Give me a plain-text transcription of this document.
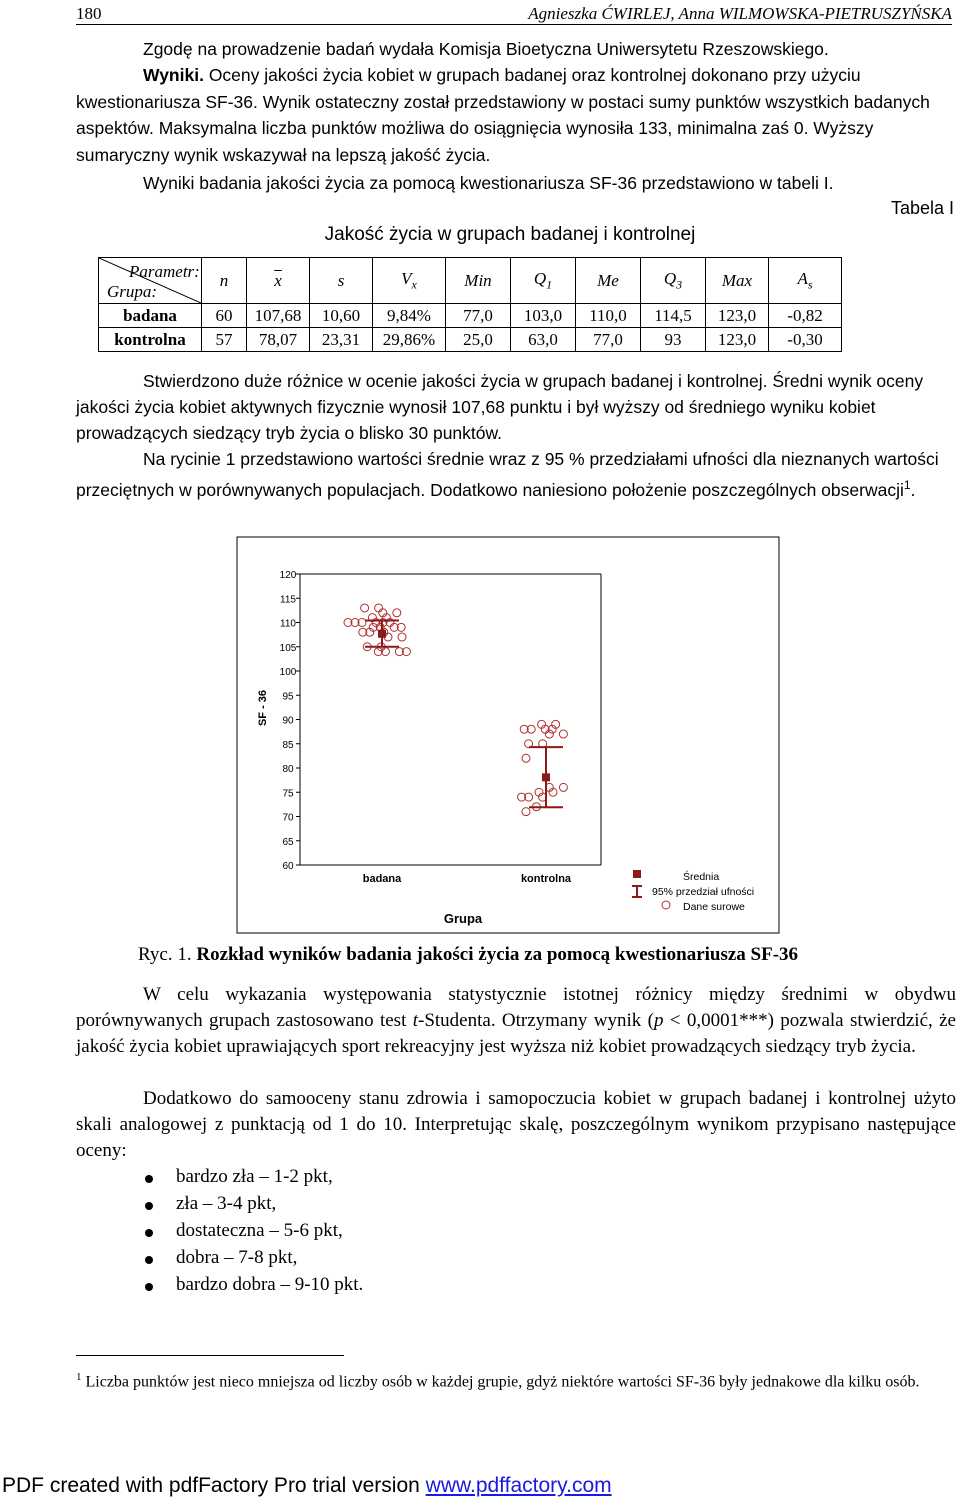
180	Agnieszka ĆWIRLEJ, Anna WILMOWSKA-PIETRUSZYŃSKA

Zgodę na prowadzenie badań wydała Komisja Bioetyczna Uniwersytetu Rzeszowskiego.

Wyniki. Oceny jakości życia kobiet w grupach badanej oraz kontrolnej dokonano przy użyciu kwestionariusza SF-36. Wynik ostateczny został przedstawiony w postaci sumy punktów wszystkich badanych aspektów. Maksymalna liczba punktów możliwa do osiągnięcia wynosiła 133, minimalna zaś 0. Wyższy sumaryczny wynik wskazywał na lepszą jakość życia.

Wyniki badania jakości życia za pomocą kwestionariusza SF-36 przedstawiono w tabeli I.

Tabela I
Jakość życia w grupach badanej i kontrolnej
Parametr:
Grupa:	n	$\overline{x}$	s	$V_x$	Min	$Q_1$	Me	$Q_3$	Max	$A_s$
badana	60	107,68	10,60	9,84%	77,0	103,0	110,0	114,5	123,0	-0,82
kontrolna	57	78,07	23,31	29,86%	25,0	63,0	77,0	93	123,0	-0,30

Stwierdzono duże różnice w ocenie jakości życia w grupach badanej i kontrolnej. Średni wynik oceny jakości życia kobiet aktywnych fizycznie wynosił 107,68 punktu i był wyższy od średniego wyniku kobiet prowadzących siedzący tryb życia o blisko 30 punktów.

Na rycinie 1 przedstawiono wartości średnie wraz z 95 % przedziałami ufności dla nieznanych wartości przeciętnych w porównywanych populacjach. Dodatkowo naniesiono położenie poszczególnych obserwacji$^1$.

120
115
110
105
100
95
90
85
80
75
70
65
60
SF - 36
badana	kontrolna
Grupa
Średnia
95% przedział ufności
Dane surowe
Ryc. 1. Rozkład wyników badania jakości życia za pomocą kwestionariusza SF-36

W celu wykazania występowania statystycznie istotnej różnicy między średnimi w obydwu porównywanych grupach zastosowano test t-Studenta. Otrzymany wynik (p < 0,0001***) pozwala stwierdzić, że jakość życia kobiet uprawiających sport rekreacyjny jest wyższa niż kobiet prowadzących siedzący tryb życia.

Dodatkowo do samooceny stanu zdrowia i samopoczucia kobiet w grupach badanej i kontrolnej użyto skali analogowej z punktacją od 1 do 10. Interpretując skalę, poszczególnym wynikom przypisano następujące oceny:

bardzo zła – 1-2 pkt,
zła – 3-4 pkt,
dostateczna – 5-6 pkt,
dobra – 7-8 pkt,
bardzo dobra – 9-10 pkt.
$^1$ Liczba punktów jest nieco mniejsza od liczby osób w każdej grupie, gdyż niektóre wartości SF-36 były jednakowe dla kilku osób.
PDF created with pdfFactory Pro trial version www.pdffactory.com
